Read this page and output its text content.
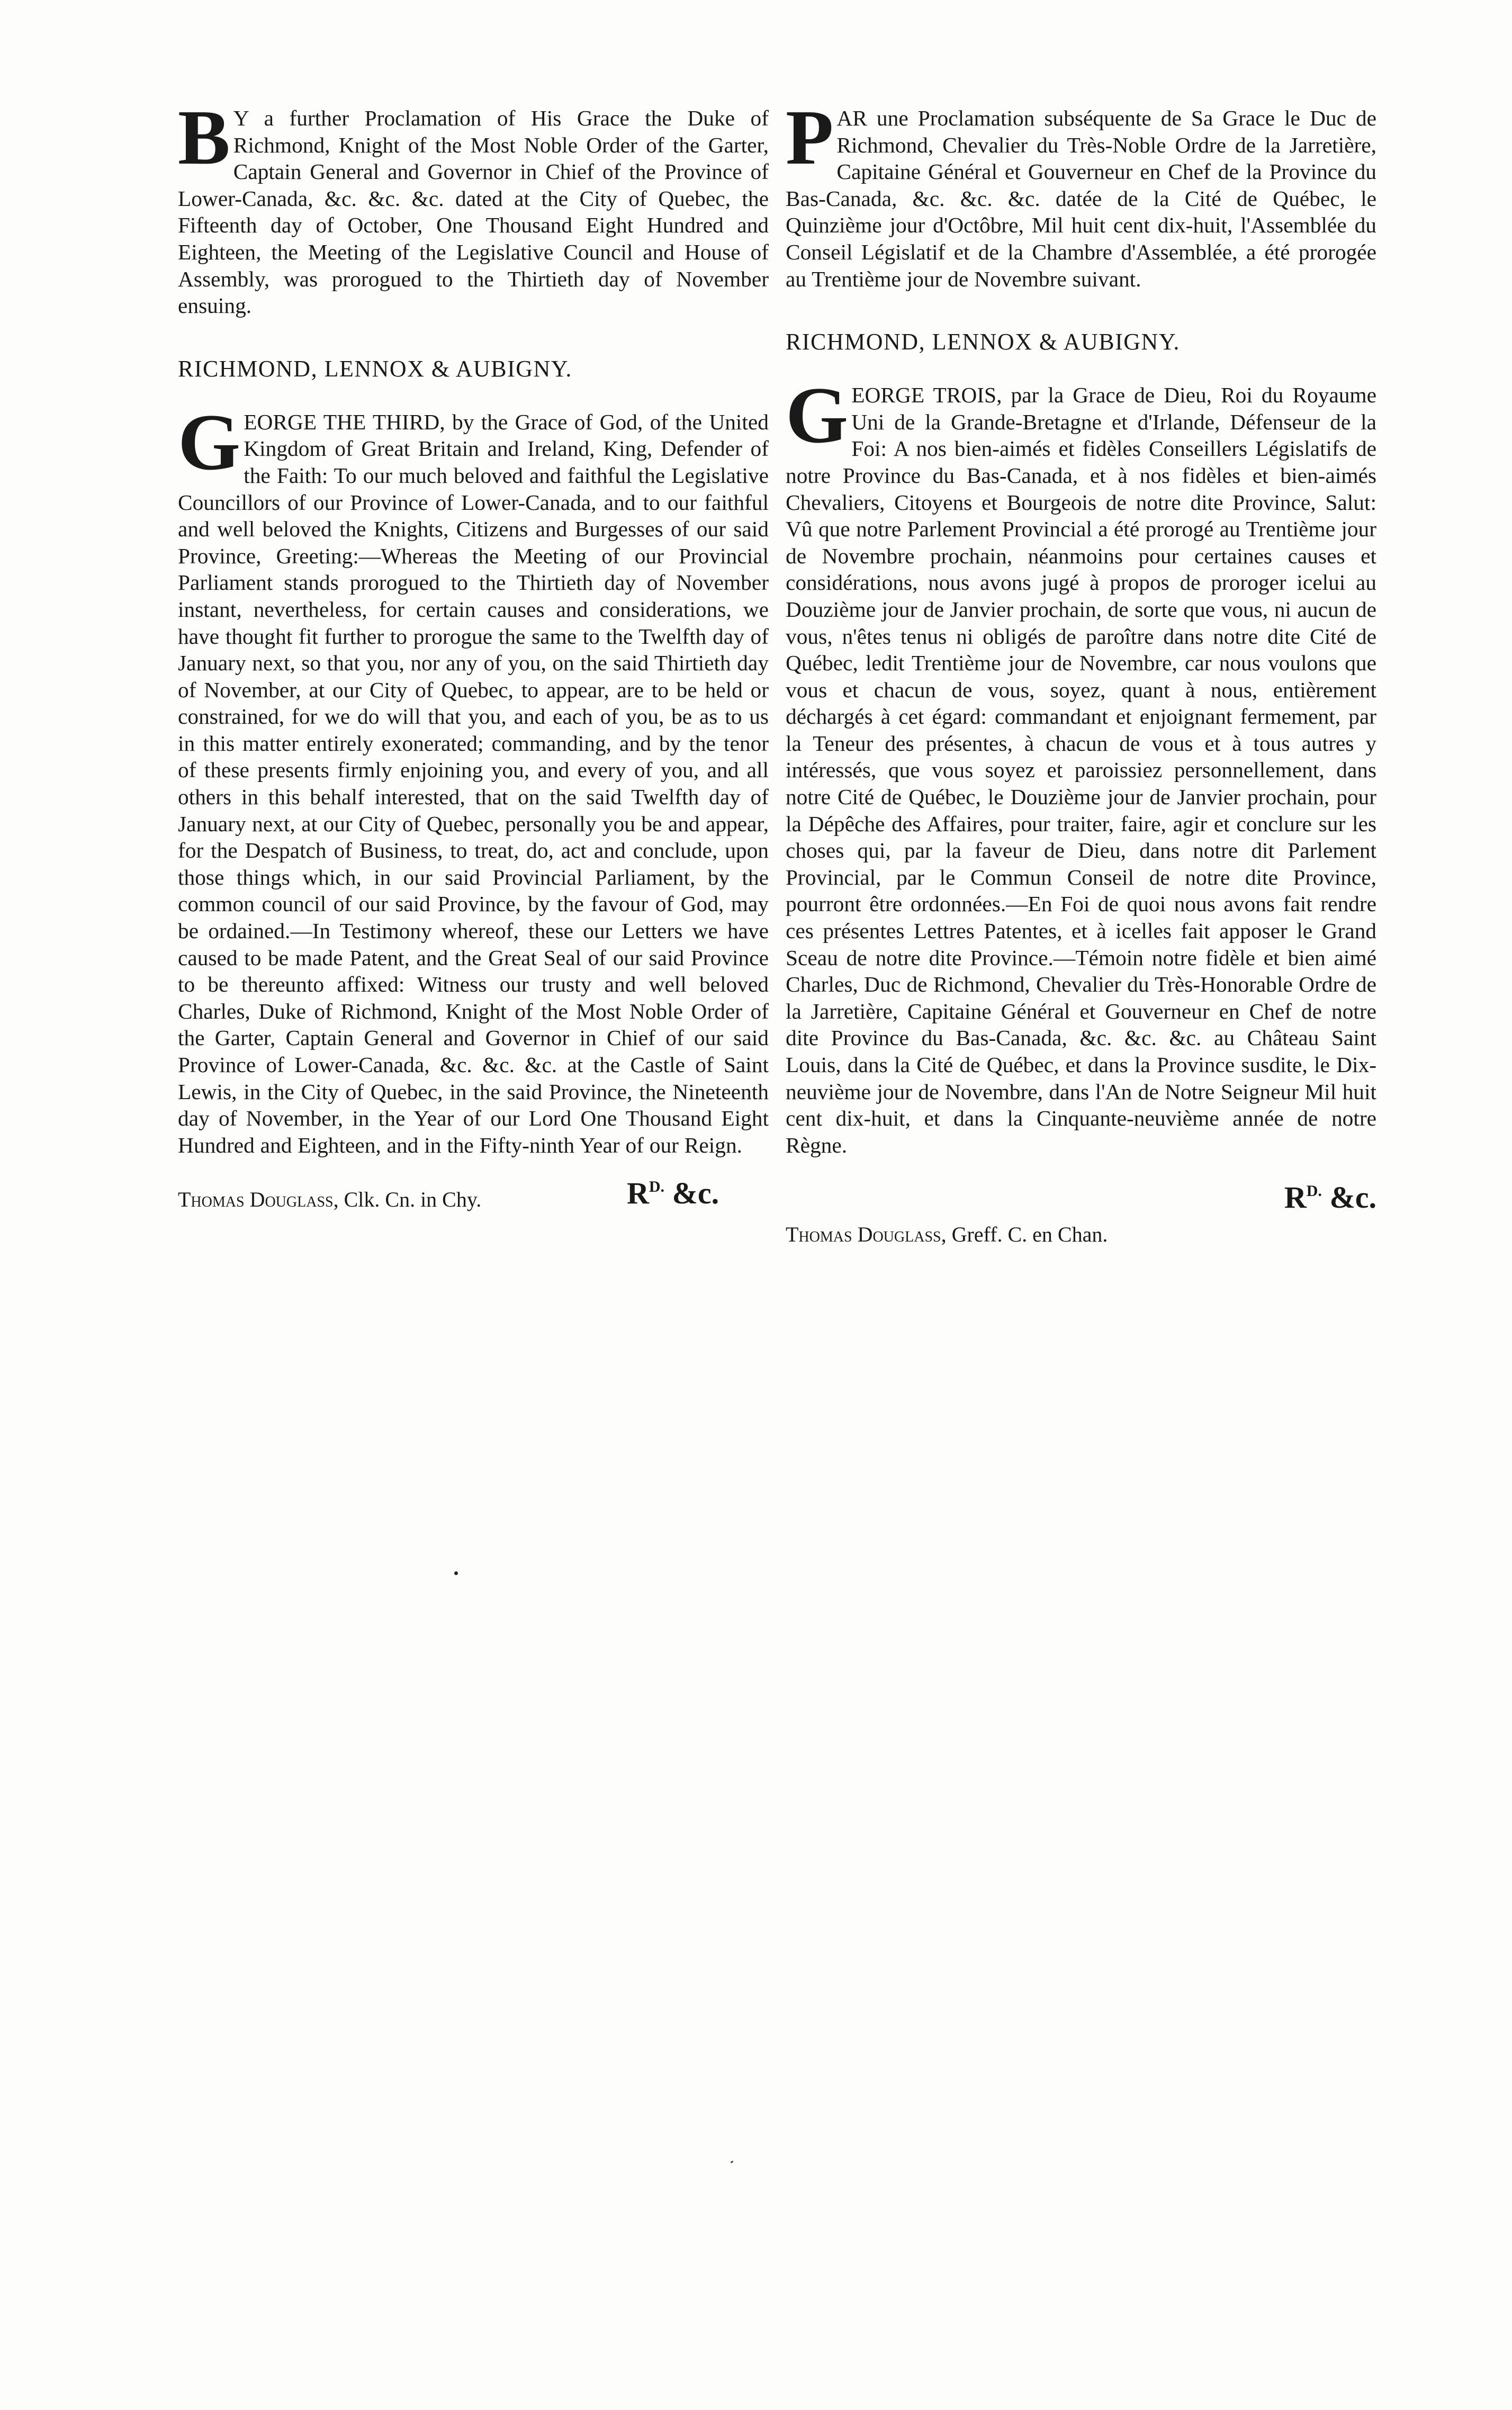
B Y a further Proclamation of His Grace the Duke of Richmond, Knight of the Most Noble Order of the Garter, Captain General and Governor in Chief of the Province of Lower-Canada, &c. &c. &c. dated at the City of Quebec, the Fifteenth day of October, One Thousand Eight Hundred and Eighteen, the Meeting of the Legislative Council and House of Assembly, was prorogued to the Thirtieth day of November ensuing.

RICHMOND, LENNOX & AUBIGNY.

GEORGE THE THIRD, by the Grace of God, of the United Kingdom of Great Britain and Ireland, King, Defender of the Faith: To our much beloved and faithful the Legislative Councillors of our Province of Lower-Canada, and to our faithful and well beloved the Knights, Citizens and Burgesses of our said Province, Greeting:—Whereas the Meeting of our Provincial Parliament stands prorogued to the Thirtieth day of November instant, nevertheless, for certain causes and considerations, we have thought fit further to prorogue the same to the Twelfth day of January next, so that you, nor any of you, on the said Thirtieth day of November, at our City of Quebec, to appear, are to be held or constrained, for we do will that you, and each of you, be as to us in this matter entirely exonerated; commanding, and by the tenor of these presents firmly enjoining you, and every of you, and all others in this behalf interested, that on the said Twelfth day of January next, at our City of Quebec, personally you be and appear, for the Despatch of Business, to treat, do, act and conclude, upon those things which, in our said Provincial Parliament, by the common council of our said Province, by the favour of God, may be ordained.—In Testimony whereof, these our Letters we have caused to be made Patent, and the Great Seal of our said Province to be thereunto affixed: Witness our trusty and well beloved Charles, Duke of Richmond, Knight of the Most Noble Order of the Garter, Captain General and Governor in Chief of our said Province of Lower-Canada, &c. &c. &c. at the Castle of Saint Lewis, in the City of Quebec, in the said Province, the Nineteenth day of November, in the Year of our Lord One Thousand Eight Hundred and Eighteen, and in the Fifty-ninth Year of our Reign.

Thomas Douglass, Clk. Cn. in Chy.	$R^{D.}$ &c.

PAR une Proclamation subséquente de Sa Grace le Duc de Richmond, Chevalier du Très-Noble Ordre de la Jarretière, Capitaine Général et Gouverneur en Chef de la Province du Bas-Canada, &c. &c. &c. datée de la Cité de Québec, le Quinzième jour d'Octôbre, Mil huit cent dix-huit, l'Assemblée du Conseil Législatif et de la Chambre d'Assemblée, a été prorogée au Trentième jour de Novembre suivant.

RICHMOND, LENNOX & AUBIGNY.

GEORGE TROIS, par la Grace de Dieu, Roi du Royaume Uni de la Grande-Bretagne et d'Irlande, Défenseur de la Foi: A nos bien-aimés et fidèles Conseillers Législatifs de notre Province du Bas-Canada, et à nos fidèles et bien-aimés Chevaliers, Citoyens et Bourgeois de notre dite Province, Salut: Vû que notre Parlement Provincial a été prorogé au Trentième jour de Novembre prochain, néanmoins pour certaines causes et considérations, nous avons jugé à propos de proroger icelui au Douzième jour de Janvier prochain, de sorte que vous, ni aucun de vous, n'êtes tenus ni obligés de paroître dans notre dite Cité de Québec, ledit Trentième jour de Novembre, car nous voulons que vous et chacun de vous, soyez, quant à nous, entièrement déchargés à cet égard: commandant et enjoignant fermement, par la Teneur des présentes, à chacun de vous et à tous autres y intéressés, que vous soyez et paroissiez personnellement, dans notre Cité de Québec, le Douzième jour de Janvier prochain, pour la Dépêche des Affaires, pour traiter, faire, agir et conclure sur les choses qui, par la faveur de Dieu, dans notre dit Parlement Provincial, par le Commun Conseil de notre dite Province, pourront être ordonnées.—En Foi de quoi nous avons fait rendre ces présentes Lettres Patentes, et à icelles fait apposer le Grand Sceau de notre dite Province.—Témoin notre fidèle et bien aimé Charles, Duc de Richmond, Chevalier du Très-Honorable Ordre de la Jarretière, Capitaine Général et Gouverneur en Chef de notre dite Province du Bas-Canada, &c. &c. &c. au Château Saint Louis, dans la Cité de Québec, et dans la Province susdite, le Dix-neuvième jour de Novembre, dans l'An de Notre Seigneur Mil huit cent dix-huit, et dans la Cinquante-neuvième année de notre Règne.

$R^{D.}$ &c.
Thomas Douglass, Greff. C. en Chan.
